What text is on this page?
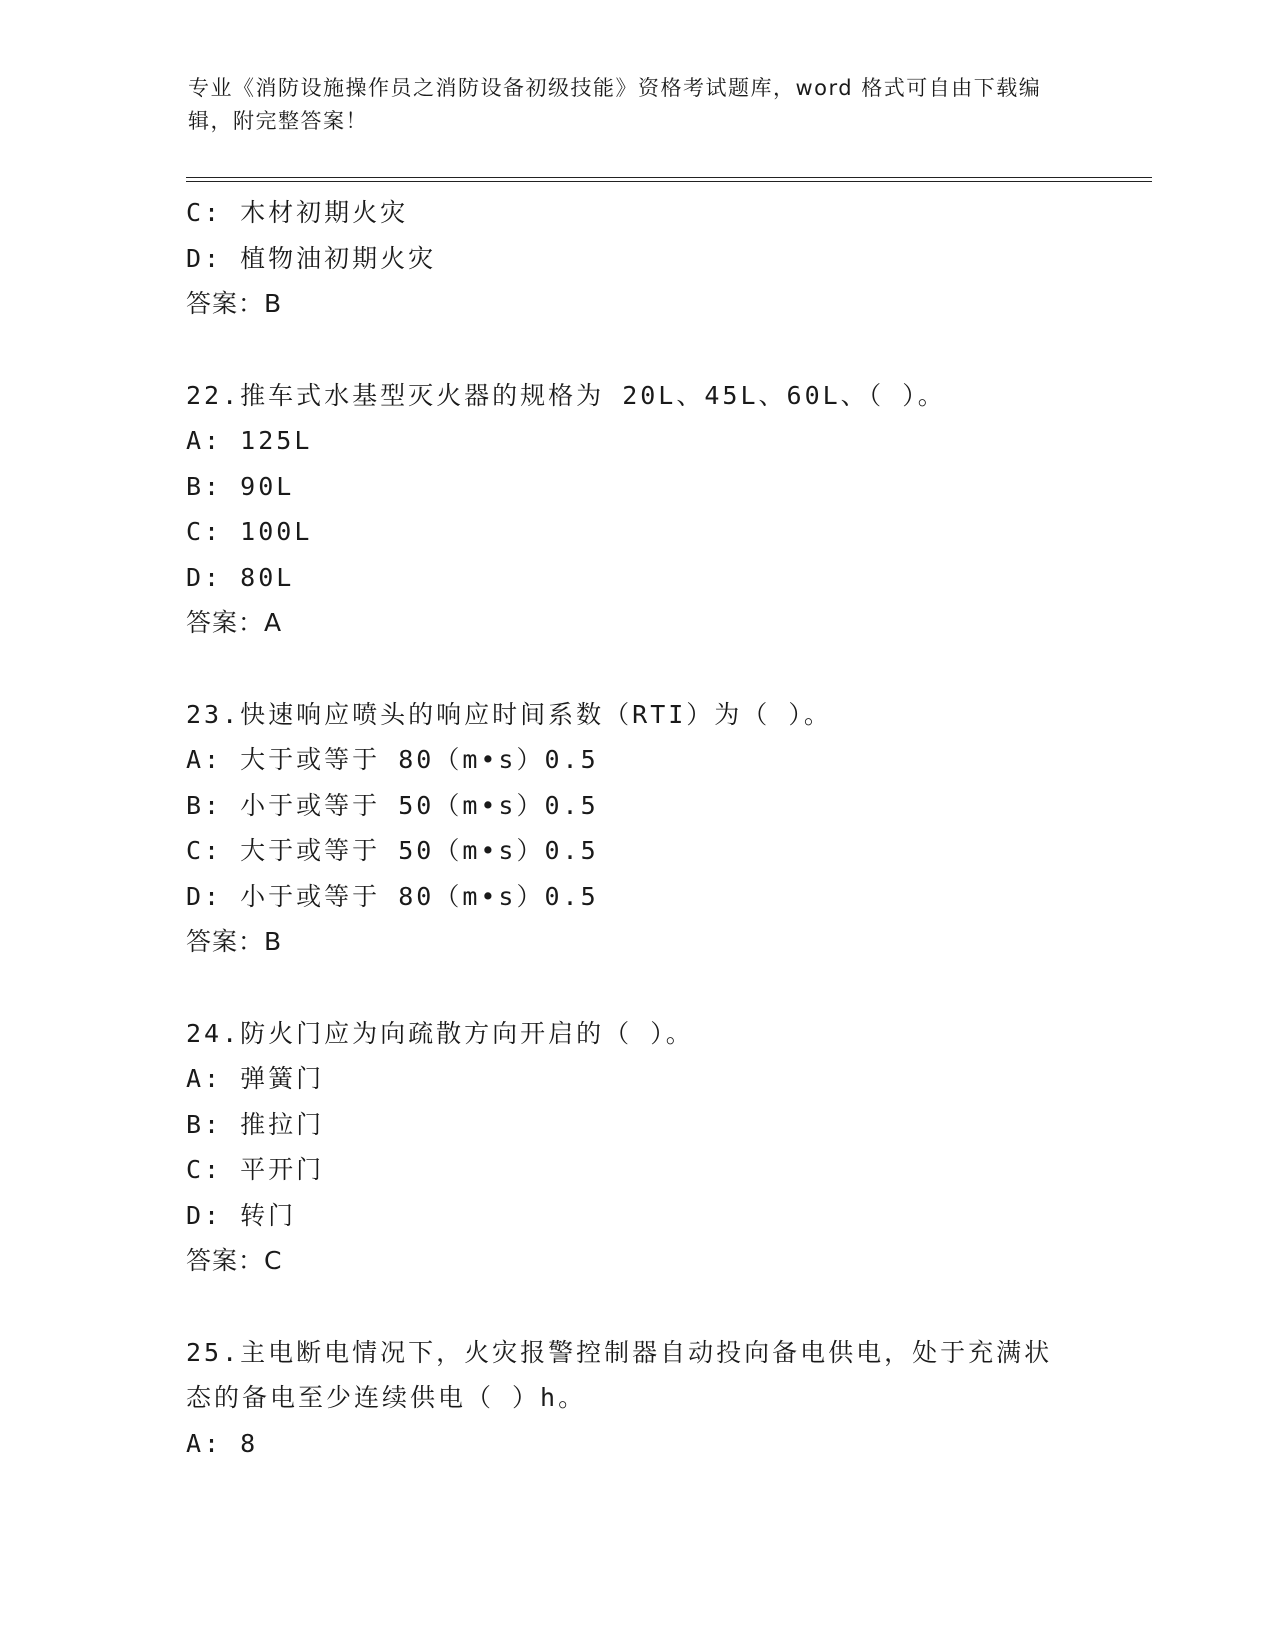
专业《消防设施操作员之消防设备初级技能》资格考试题库，word 格式可自由下载编辑，附完整答案！
C: 木材初期火灾
D: 植物油初期火灾
答案：B
22.推车式水基型灭火器的规格为 20L、45L、60L、（ ）。
A: 125L
B: 90L
C: 100L
D: 80L
答案：A
23.快速响应喷头的响应时间系数（RTI）为（ ）。
A: 大于或等于 80（m•s）0.5
B: 小于或等于 50（m•s）0.5
C: 大于或等于 50（m•s）0.5
D: 小于或等于 80（m•s）0.5
答案：B
24.防火门应为向疏散方向开启的（ ）。
A: 弹簧门
B: 推拉门
C: 平开门
D: 转门
答案：C
25.主电断电情况下，火灾报警控制器自动投向备电供电，处于充满状
态的备电至少连续供电（ ）h。
A: 8
